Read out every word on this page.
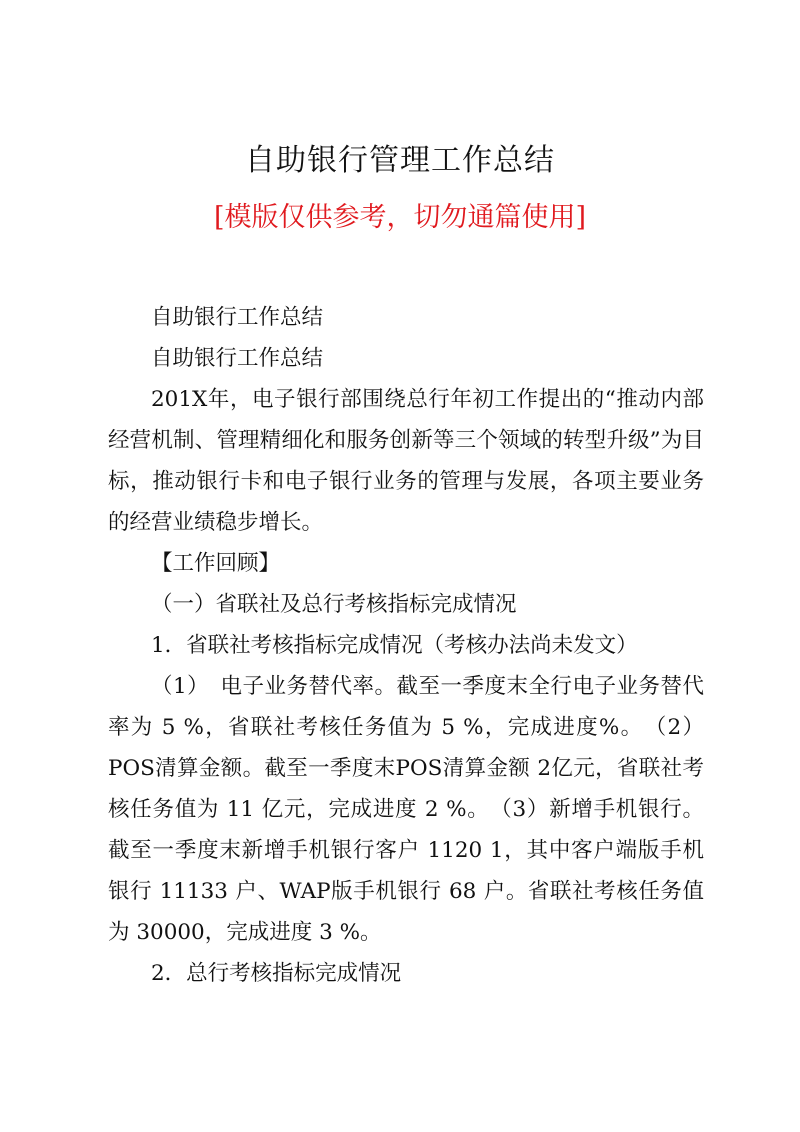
自助银行管理工作总结
[模版仅供参考，切勿通篇使用]

自助银行工作总结

自助银行工作总结

201X年，电子银行部围绕总行年初工作提出的“推动内部经营机制、管理精细化和服务创新等三个领域的转型升级”为目标，推动银行卡和电子银行业务的管理与发展，各项主要业务的经营业绩稳步增长。

【工作回顾】

（一）省联社及总行考核指标完成情况

1．省联社考核指标完成情况（考核办法尚未发文）

（1）　电子业务替代率。截至一季度末全行电子业务替代率为 5 %，省联社考核任务值为 5 %，完成进度%。　（2）POS清算金额。截至一季度末POS清算金额 2亿元，省联社考核任务值为 11 亿元，完成进度 2 %。　（3）新增手机银行。截至一季度末新增手机银行客户 1120 1，其中客户端版手机银行 11133 户、WAP版手机银行 68 户。省联社考核任务值为 30000，完成进度 3 %。

2．总行考核指标完成情况
